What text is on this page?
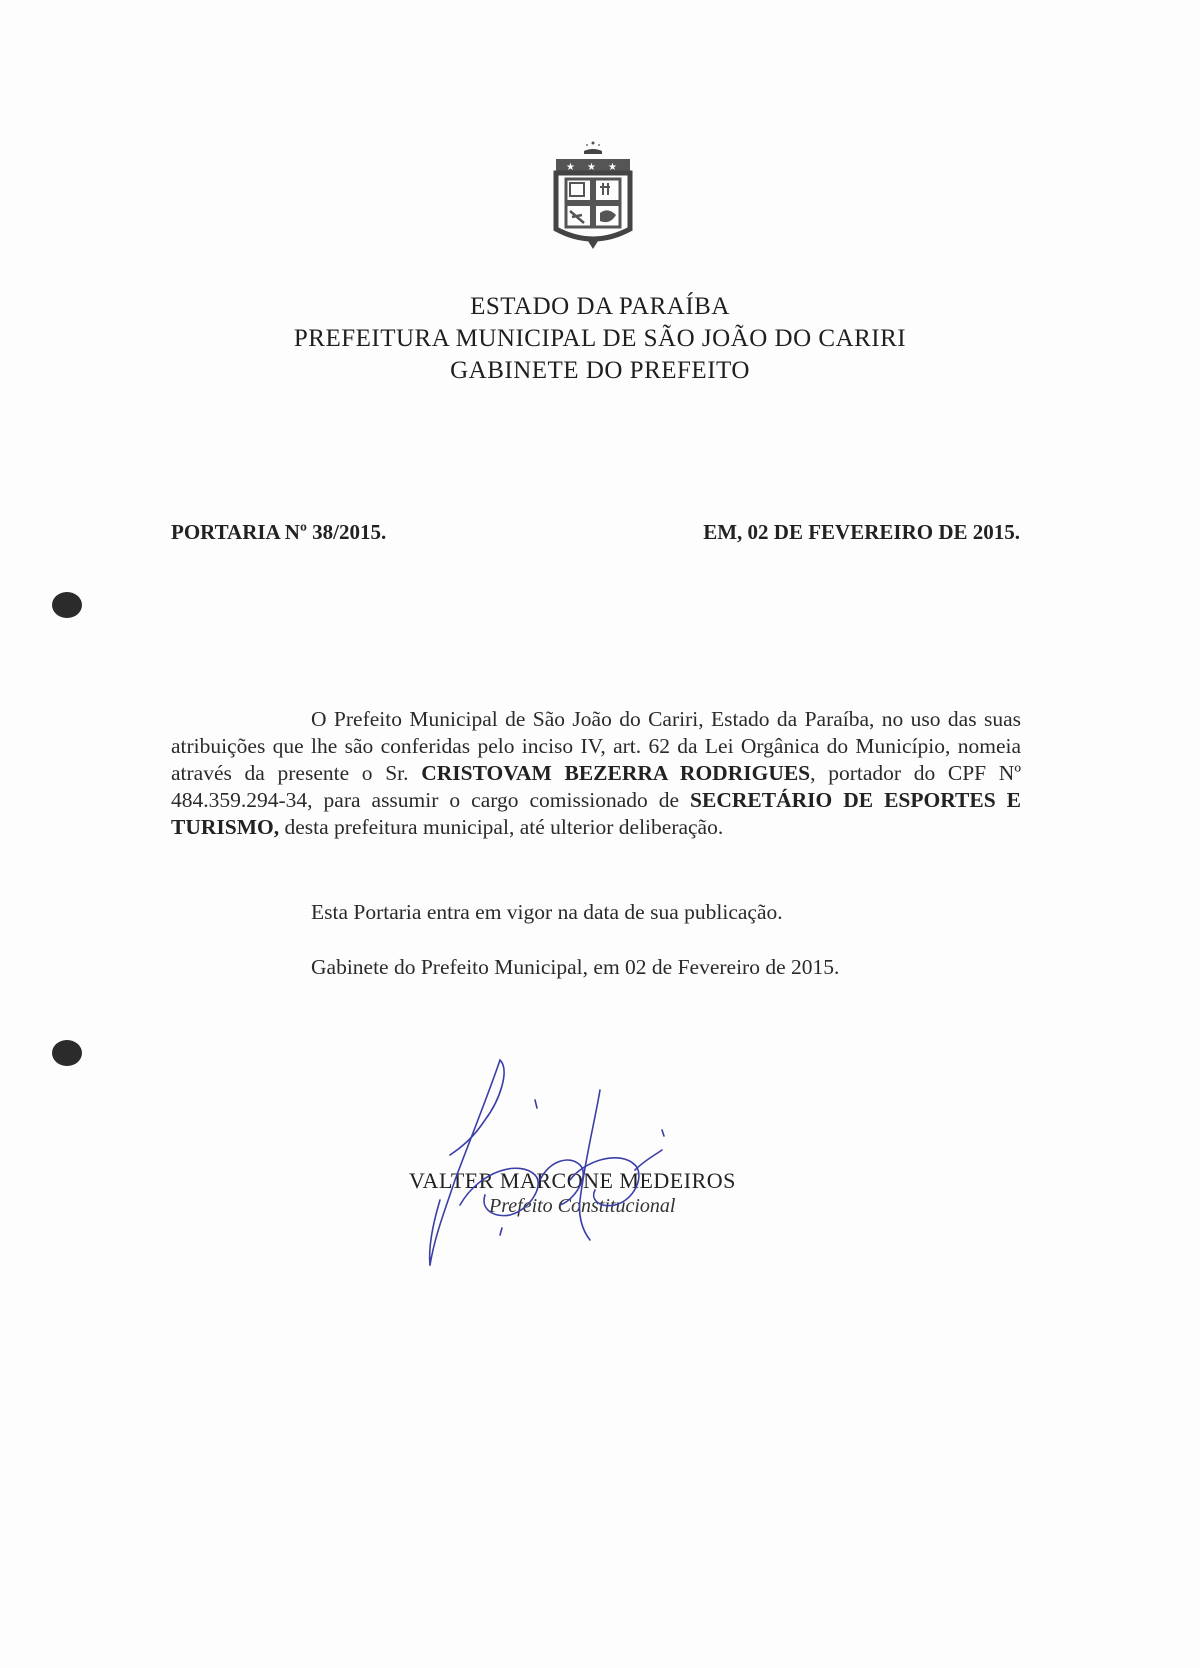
★ ★ ★
ESTADO DA PARAÍBA
PREFEITURA MUNICIPAL DE SÃO JOÃO DO CARIRI
GABINETE DO PREFEITO
PORTARIA Nº 38/2015.	EM, 02 DE FEVEREIRO DE 2015.
O Prefeito Municipal de São João do Cariri, Estado da Paraíba, no uso das suas atribuições que lhe são conferidas pelo inciso IV, art. 62 da Lei Orgânica do Município, nomeia através da presente o Sr. CRISTOVAM BEZERRA RODRIGUES, portador do CPF Nº 484.359.294-34, para assumir o cargo comissionado de SECRETÁRIO DE ESPORTES E TURISMO, desta prefeitura municipal, até ulterior deliberação.
Esta Portaria entra em vigor na data de sua publicação.
Gabinete do Prefeito Municipal, em 02 de Fevereiro de 2015.
VALTER MARCONE MEDEIROS
Prefeito Constitucional
